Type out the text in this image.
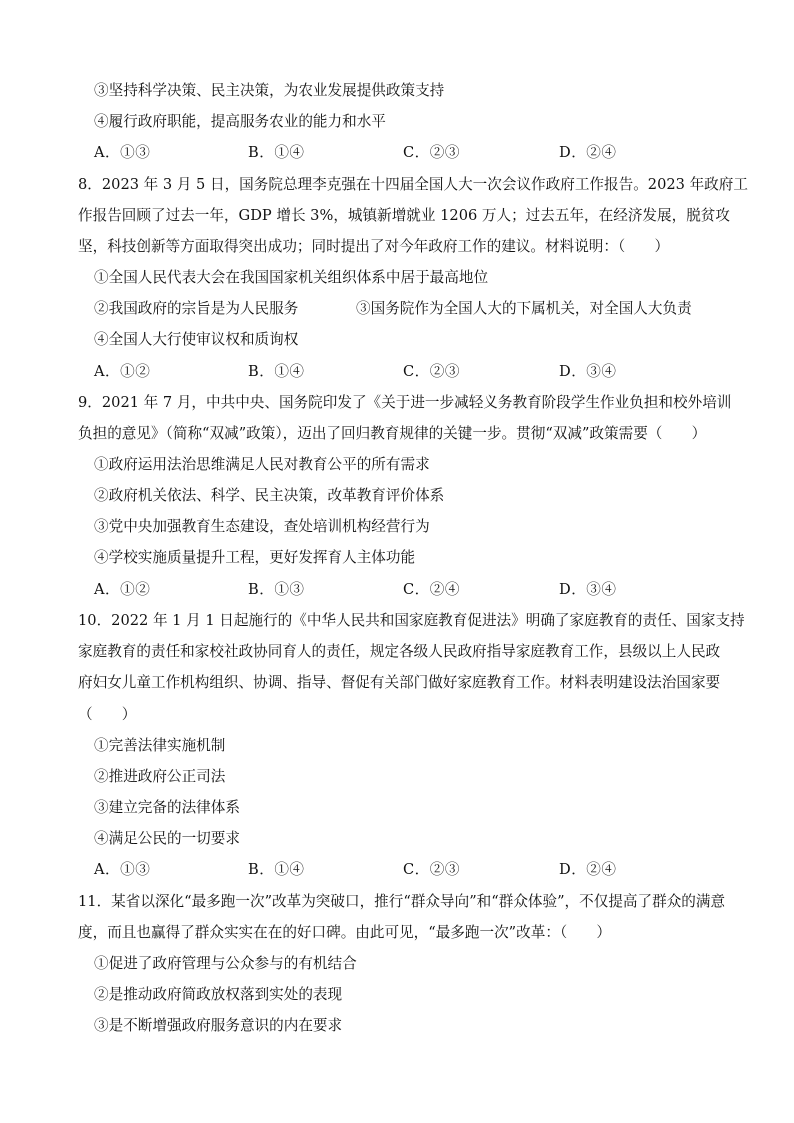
③坚持科学决策、民主决策，为农业发展提供政策支持
④履行政府职能，提高服务农业的能力和水平
A．①③	B．①④	C．②③	D．②④
8．2023 年 3 月 5 日，国务院总理李克强在十四届全国人大一次会议作政府工作报告。2023 年政府工
作报告回顾了过去一年，GDP 增长 3%，城镇新增就业 1206 万人；过去五年，在经济发展，脱贫攻
坚，科技创新等方面取得突出成功；同时提出了对今年政府工作的建议。材料说明：（　　）
①全国人民代表大会在我国国家机关组织体系中居于最高地位
②我国政府的宗旨是为人民服务	③国务院作为全国人大的下属机关，对全国人大负责
④全国人大行使审议权和质询权
A．①②	B．①④	C．②③	D．③④
9．2021 年 7 月，中共中央、国务院印发了《关于进一步减轻义务教育阶段学生作业负担和校外培训
负担的意见》（简称“双减”政策），迈出了回归教育规律的关键一步。贯彻“双减”政策需要（　　）
①政府运用法治思维满足人民对教育公平的所有需求
②政府机关依法、科学、民主决策，改革教育评价体系
③党中央加强教育生态建设，查处培训机构经营行为
④学校实施质量提升工程，更好发挥育人主体功能
A．①②	B．①③	C．②④	D．③④
10．2022 年 1 月 1 日起施行的《中华人民共和国家庭教育促进法》明确了家庭教育的责任、国家支持
家庭教育的责任和家校社政协同育人的责任，规定各级人民政府指导家庭教育工作，县级以上人民政
府妇女儿童工作机构组织、协调、指导、督促有关部门做好家庭教育工作。材料表明建设法治国家要
（　　）
①完善法律实施机制
②推进政府公正司法
③建立完备的法律体系
④满足公民的一切要求
A．①③	B．①④	C．②③	D．②④
11．某省以深化“最多跑一次”改革为突破口，推行“群众导向”和“群众体验”，不仅提高了群众的满意
度，而且也赢得了群众实实在在的好口碑。由此可见，“最多跑一次”改革：（　　）
①促进了政府管理与公众参与的有机结合
②是推动政府简政放权落到实处的表现
③是不断增强政府服务意识的内在要求
